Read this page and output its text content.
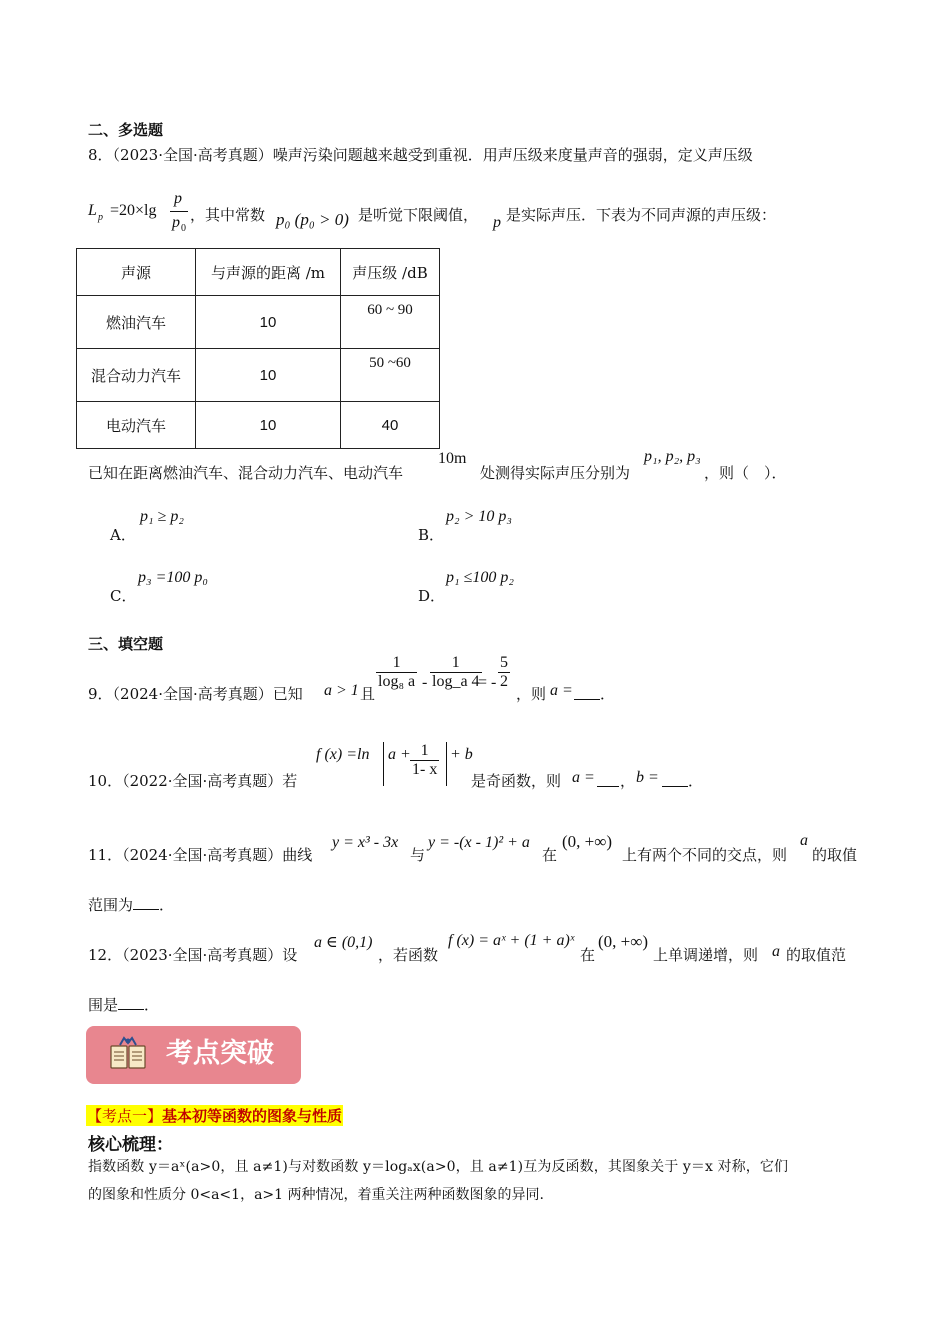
二、多选题
8．（2023·全国·高考真题）噪声污染问题越来越受到重视．用声压级来度量声音的强弱，定义声压级
L p =20×lg
p
p 0
，其中常数 p₀ (p₀ > 0) 是听觉下限阈值， p 是实际声压．下表为不同声源的声压级：
声源	与声源的距离 /m	声压级 /dB
燃油汽车	10	60 ~ 90
混合动力汽车	10	50 ~60
电动汽车	10	40
已知在距离燃油汽车、混合动力汽车、电动汽车
10m
处测得实际声压分别为
p₁, p₂, p₃
，则（　）．
A．
p₁ ≥ p₂
B．
p₂ > 10 p₃
C．
p₃ =100 p₀
D．
p₁ ≤100 p₂
三、填空题
9．（2024·全国·高考真题）已知 a > 1 且
$\frac{1}{\text{log₈ a}} - \frac{1}{\log\_a 4}$
= - $\frac{5}{2}$
，则 a = ．
10．（2022·全国·高考真题）若
f (x) =ln $a + \frac{1}{1- x} + b$
是奇函数，则 a = ， b = ．
11．（2024·全国·高考真题）曲线
y = x³ - 3x
与
y = -(x - 1)² + a
在
(0, +∞)
上有两个不同的交点，则
a
的取值
范围为 ．
12．（2023·全国·高考真题）设
a ∈ (0,1)
，若函数
f (x) = aˣ + (1 + a)ˣ
在
(0, +∞)
上单调递增，则 a 的取值范
围是 ．
考点突破
【考点一】基本初等函数的图象与性质
核心梳理：
指数函数 y＝aˣ(a>0，且 a≠1)与对数函数 y＝logₐx(a>0，且 a≠1)互为反函数，其图象关于 y＝x 对称，它们
的图象和性质分 0<a<1，a>1 两种情况，着重关注两种函数图象的异同.
